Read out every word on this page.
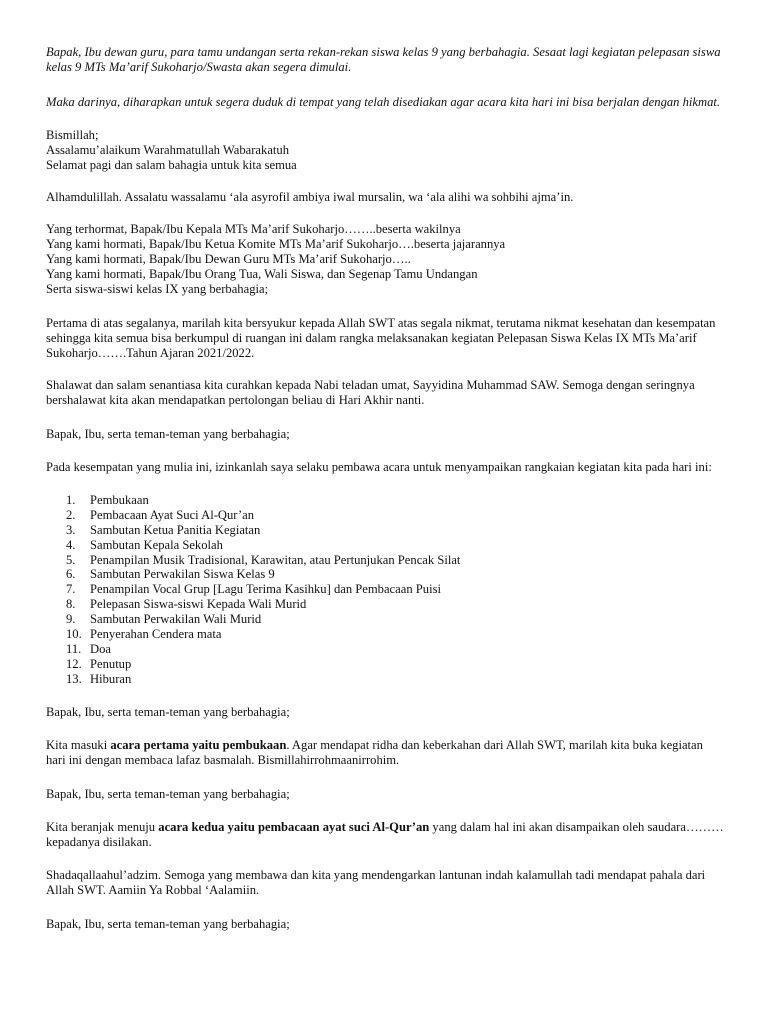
Bapak, Ibu dewan guru, para tamu undangan serta rekan-rekan siswa kelas 9 yang berbahagia. Sesaat lagi kegiatan pelepasan siswa
kelas 9 MTs Ma’arif Sukoharjo/Swasta akan segera dimulai.

Maka darinya, diharapkan untuk segera duduk di tempat yang telah disediakan agar acara kita hari ini bisa berjalan dengan hikmat.

Bismillah;
Assalamu’alaikum Warahmatullah Wabarakatuh
Selamat pagi dan salam bahagia untuk kita semua

Alhamdulillah. Assalatu wassalamu ‘ala asyrofil ambiya iwal mursalin, wa ‘ala alihi wa sohbihi ajma’in.

Yang terhormat, Bapak/Ibu Kepala MTs Ma’arif Sukoharjo……..beserta wakilnya
Yang kami hormati, Bapak/Ibu Ketua Komite MTs Ma’arif Sukoharjo….beserta jajarannya
Yang kami hormati, Bapak/Ibu Dewan Guru MTs Ma’arif Sukoharjo…..
Yang kami hormati, Bapak/Ibu Orang Tua, Wali Siswa, dan Segenap Tamu Undangan
Serta siswa-siswi kelas IX yang berbahagia;

Pertama di atas segalanya, marilah kita bersyukur kepada Allah SWT atas segala nikmat, terutama nikmat kesehatan dan kesempatan
sehingga kita semua bisa berkumpul di ruangan ini dalam rangka melaksanakan kegiatan Pelepasan Siswa Kelas IX MTs Ma’arif
Sukoharjo…….Tahun Ajaran 2021/2022.

Shalawat dan salam senantiasa kita curahkan kepada Nabi teladan umat, Sayyidina Muhammad SAW. Semoga dengan seringnya
bershalawat kita akan mendapatkan pertolongan beliau di Hari Akhir nanti.

Bapak, Ibu, serta teman-teman yang berbahagia;

Pada kesempatan yang mulia ini, izinkanlah saya selaku pembawa acara untuk menyampaikan rangkaian kegiatan kita pada hari ini:

1. Pembukaan
2. Pembacaan Ayat Suci Al-Qur’an
3. Sambutan Ketua Panitia Kegiatan
4. Sambutan Kepala Sekolah
5. Penampilan Musik Tradisional, Karawitan, atau Pertunjukan Pencak Silat
6. Sambutan Perwakilan Siswa Kelas 9
7. Penampilan Vocal Grup [Lagu Terima Kasihku] dan Pembacaan Puisi
8. Pelepasan Siswa-siswi Kepada Wali Murid
9. Sambutan Perwakilan Wali Murid
10. Penyerahan Cendera mata
11. Doa
12. Penutup
13. Hiburan

Bapak, Ibu, serta teman-teman yang berbahagia;

Kita masuki acara pertama yaitu pembukaan. Agar mendapat ridha dan keberkahan dari Allah SWT, marilah kita buka kegiatan
hari ini dengan membaca lafaz basmalah. Bismillahirrohmaanirrohim.

Bapak, Ibu, serta teman-teman yang berbahagia;

Kita beranjak menuju acara kedua yaitu pembacaan ayat suci Al-Qur’an yang dalam hal ini akan disampaikan oleh saudara………
kepadanya disilakan.

Shadaqallaahul’adzim. Semoga yang membawa dan kita yang mendengarkan lantunan indah kalamullah tadi mendapat pahala dari
Allah SWT. Aamiin Ya Robbal ‘Aalamiin.

Bapak, Ibu, serta teman-teman yang berbahagia;
